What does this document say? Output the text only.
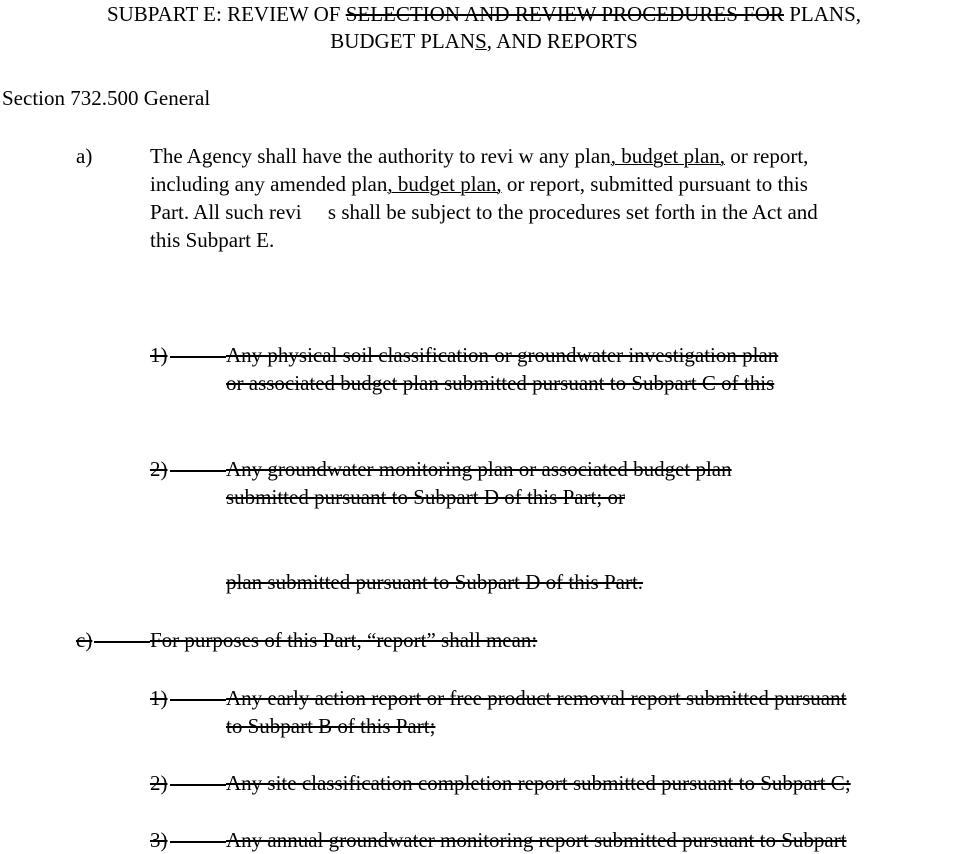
SUBPART E: REVIEW OF SELECTION AND REVIEW PROCEDURES FOR PLANS,
BUDGET PLANS, AND REPORTS
Section 732.500 General
a)	The Agency shall have the authority to revi w any plan, budget plan, or report,
including any amended plan, budget plan, or report, submitted pursuant to this
Part. All such revi     s shall be subject to the procedures set forth in the Act and
this Subpart E.
1)	Any physical soil classification or groundwater investigation plan
or associated budget plan submitted pursuant to Subpart C of this
2)	Any groundwater monitoring plan or associated budget plan
submitted pursuant to Subpart D of this Part; or
plan submitted pursuant to Subpart D of this Part.
c)	For purposes of this Part, “report” shall mean:
1)	Any early action report or free product removal report submitted pursuant
to Subpart B of this Part;
2)	Any site classification completion report submitted pursuant to Subpart C;
3)	Any annual groundwater monitoring report submitted pursuant to Subpart
